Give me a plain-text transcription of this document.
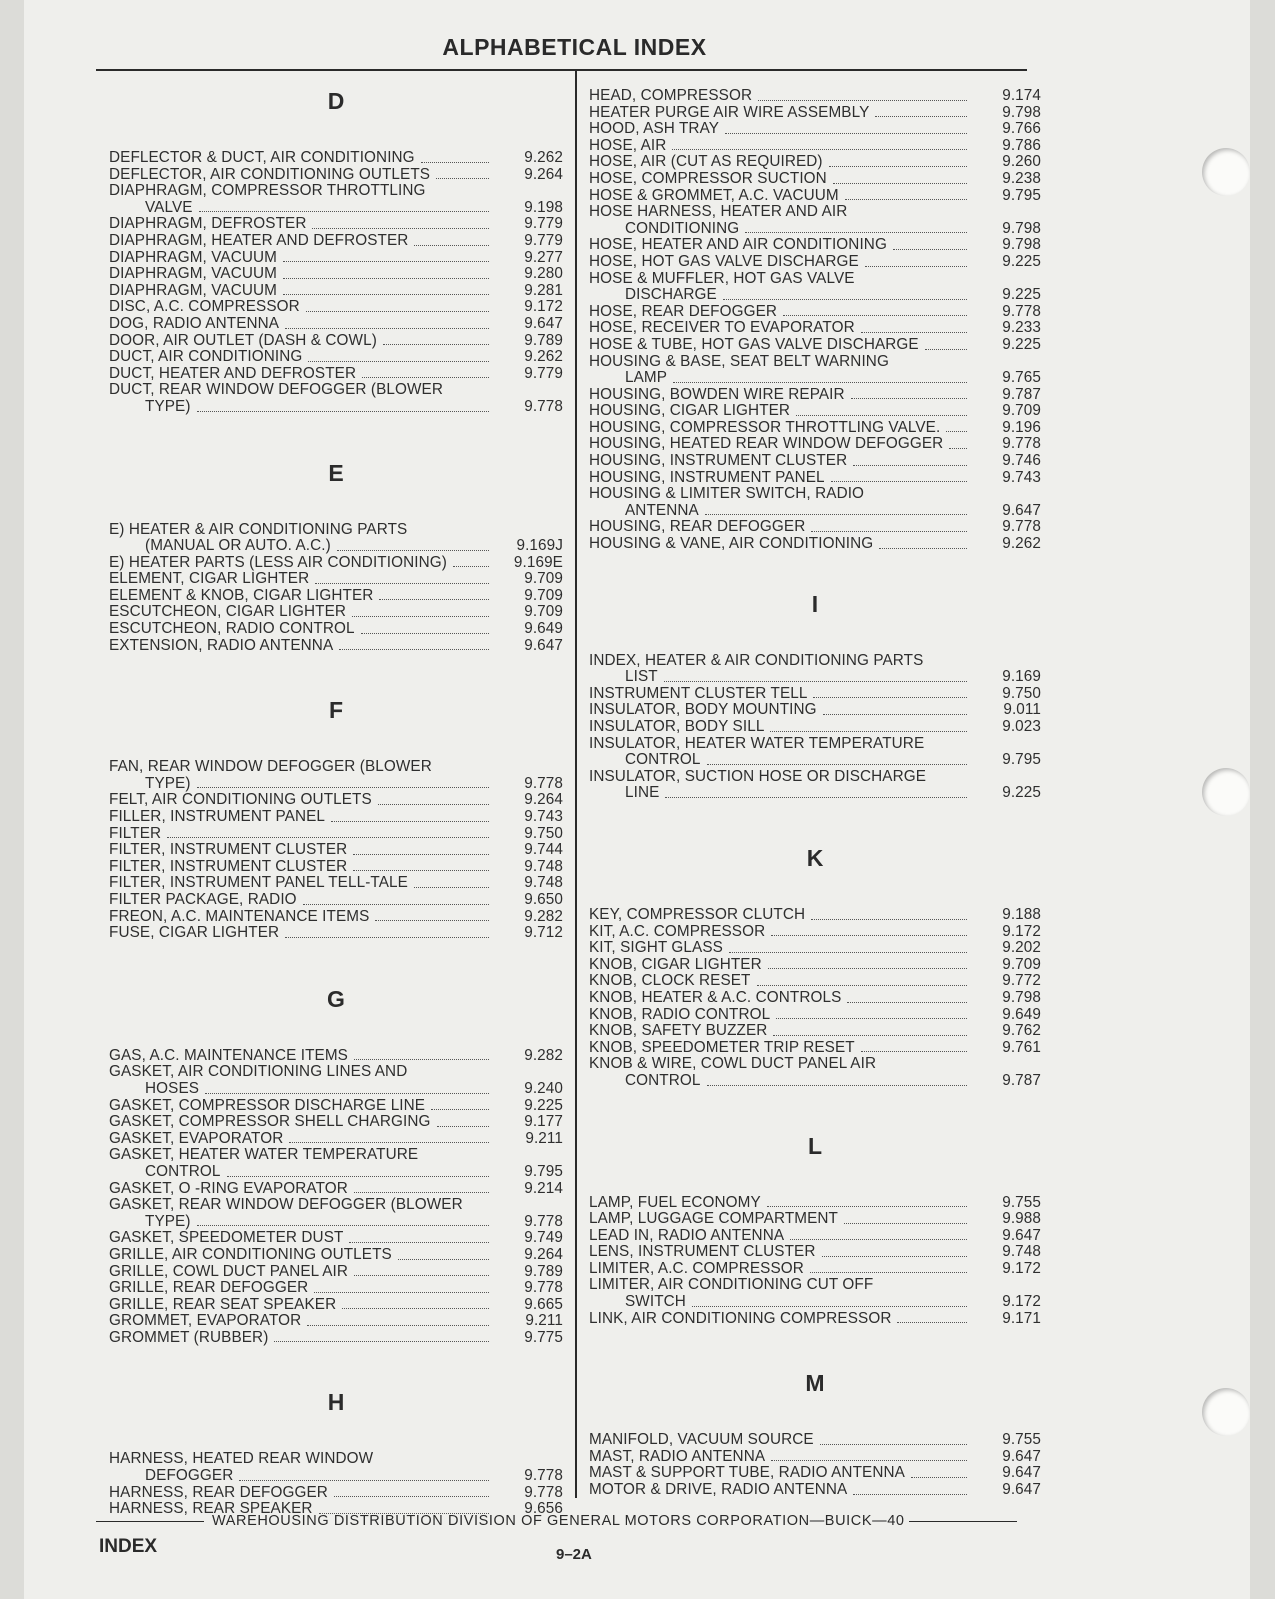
ALPHABETICAL INDEX
D
DEFLECTOR & DUCT, AIR CONDITIONING	9.262
DEFLECTOR, AIR CONDITIONING OUTLETS	9.264
DIAPHRAGM, COMPRESSOR THROTTLING
VALVE	9.198
DIAPHRAGM, DEFROSTER	9.779
DIAPHRAGM, HEATER AND DEFROSTER	9.779
DIAPHRAGM, VACUUM	9.277
DIAPHRAGM, VACUUM	9.280
DIAPHRAGM, VACUUM	9.281
DISC, A.C. COMPRESSOR	9.172
DOG, RADIO ANTENNA	9.647
DOOR, AIR OUTLET (DASH & COWL)	9.789
DUCT, AIR CONDITIONING	9.262
DUCT, HEATER AND DEFROSTER	9.779
DUCT, REAR WINDOW DEFOGGER (BLOWER
TYPE)	9.778
E
E) HEATER & AIR CONDITIONING PARTS
(MANUAL OR AUTO. A.C.)	9.169J
E) HEATER PARTS (LESS AIR CONDITIONING)	9.169E
ELEMENT, CIGAR LIGHTER	9.709
ELEMENT & KNOB, CIGAR LIGHTER	9.709
ESCUTCHEON, CIGAR LIGHTER	9.709
ESCUTCHEON, RADIO CONTROL	9.649
EXTENSION, RADIO ANTENNA	9.647
F
FAN, REAR WINDOW DEFOGGER (BLOWER
TYPE)	9.778
FELT, AIR CONDITIONING OUTLETS	9.264
FILLER, INSTRUMENT PANEL	9.743
FILTER	9.750
FILTER, INSTRUMENT CLUSTER	9.744
FILTER, INSTRUMENT CLUSTER	9.748
FILTER, INSTRUMENT PANEL TELL-TALE	9.748
FILTER PACKAGE, RADIO	9.650
FREON, A.C. MAINTENANCE ITEMS	9.282
FUSE, CIGAR LIGHTER	9.712
G
GAS, A.C. MAINTENANCE ITEMS	9.282
GASKET, AIR CONDITIONING LINES AND
HOSES	9.240
GASKET, COMPRESSOR DISCHARGE LINE	9.225
GASKET, COMPRESSOR SHELL CHARGING	9.177
GASKET, EVAPORATOR	9.211
GASKET, HEATER WATER TEMPERATURE
CONTROL	9.795
GASKET, O -RING EVAPORATOR	9.214
GASKET, REAR WINDOW DEFOGGER (BLOWER
TYPE)	9.778
GASKET, SPEEDOMETER DUST	9.749
GRILLE, AIR CONDITIONING OUTLETS	9.264
GRILLE, COWL DUCT PANEL AIR	9.789
GRILLE, REAR DEFOGGER	9.778
GRILLE, REAR SEAT SPEAKER	9.665
GROMMET, EVAPORATOR	9.211
GROMMET (RUBBER)	9.775
H
HARNESS, HEATED REAR WINDOW
DEFOGGER	9.778
HARNESS, REAR DEFOGGER	9.778
HARNESS, REAR SPEAKER	9.656
HEAD, COMPRESSOR	9.174
HEATER PURGE AIR WIRE ASSEMBLY	9.798
HOOD, ASH TRAY	9.766
HOSE, AIR	9.786
HOSE, AIR (CUT AS REQUIRED)	9.260
HOSE, COMPRESSOR SUCTION	9.238
HOSE & GROMMET, A.C. VACUUM	9.795
HOSE HARNESS, HEATER AND AIR
CONDITIONING	9.798
HOSE, HEATER AND AIR CONDITIONING	9.798
HOSE, HOT GAS VALVE DISCHARGE	9.225
HOSE & MUFFLER, HOT GAS VALVE
DISCHARGE	9.225
HOSE, REAR DEFOGGER	9.778
HOSE, RECEIVER TO EVAPORATOR	9.233
HOSE & TUBE, HOT GAS VALVE DISCHARGE	9.225
HOUSING & BASE, SEAT BELT WARNING
LAMP	9.765
HOUSING, BOWDEN WIRE REPAIR	9.787
HOUSING, CIGAR LIGHTER	9.709
HOUSING, COMPRESSOR THROTTLING VALVE.	9.196
HOUSING, HEATED REAR WINDOW DEFOGGER	9.778
HOUSING, INSTRUMENT CLUSTER	9.746
HOUSING, INSTRUMENT PANEL	9.743
HOUSING & LIMITER SWITCH, RADIO
ANTENNA	9.647
HOUSING, REAR DEFOGGER	9.778
HOUSING & VANE, AIR CONDITIONING	9.262
I
INDEX, HEATER & AIR CONDITIONING PARTS
LIST	9.169
INSTRUMENT CLUSTER TELL	9.750
INSULATOR, BODY MOUNTING	9.011
INSULATOR, BODY SILL	9.023
INSULATOR, HEATER WATER TEMPERATURE
CONTROL	9.795
INSULATOR, SUCTION HOSE OR DISCHARGE
LINE	9.225
K
KEY, COMPRESSOR CLUTCH	9.188
KIT, A.C. COMPRESSOR	9.172
KIT, SIGHT GLASS	9.202
KNOB, CIGAR LIGHTER	9.709
KNOB, CLOCK RESET	9.772
KNOB, HEATER & A.C. CONTROLS	9.798
KNOB, RADIO CONTROL	9.649
KNOB, SAFETY BUZZER	9.762
KNOB, SPEEDOMETER TRIP RESET	9.761
KNOB & WIRE, COWL DUCT PANEL AIR
CONTROL	9.787
L
LAMP, FUEL ECONOMY	9.755
LAMP, LUGGAGE COMPARTMENT	9.988
LEAD IN, RADIO ANTENNA	9.647
LENS, INSTRUMENT CLUSTER	9.748
LIMITER, A.C. COMPRESSOR	9.172
LIMITER, AIR CONDITIONING CUT OFF
SWITCH	9.172
LINK, AIR CONDITIONING COMPRESSOR	9.171
M
MANIFOLD, VACUUM SOURCE	9.755
MAST, RADIO ANTENNA	9.647
MAST & SUPPORT TUBE, RADIO ANTENNA	9.647
MOTOR & DRIVE, RADIO ANTENNA	9.647
WAREHOUSING DISTRIBUTION DIVISION OF GENERAL MOTORS CORPORATION—BUICK—40
INDEX	9–2A
